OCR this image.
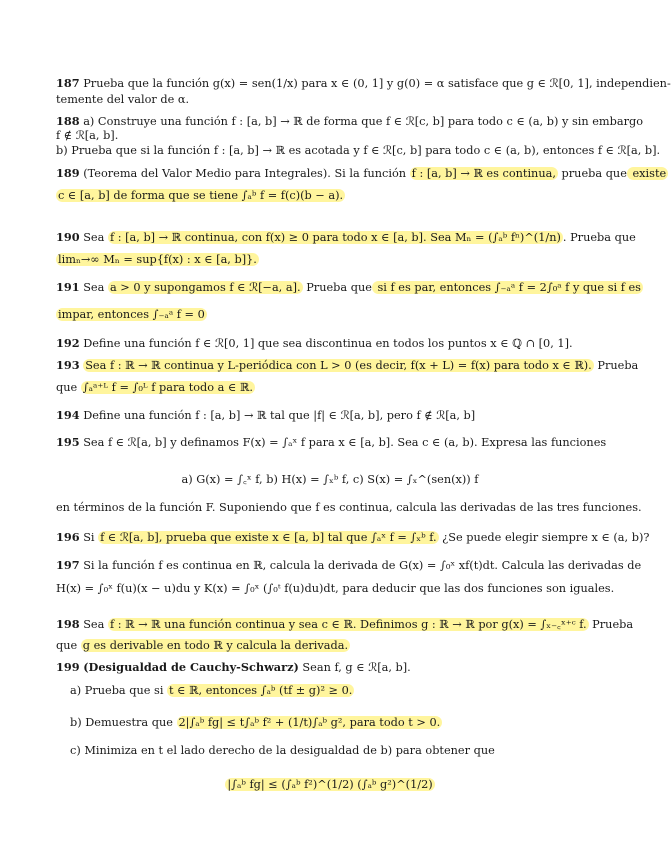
187 Prueba que la función g(x) = sen(1/x) para x ∈ (0, 1] y g(0) = α satisface que g ∈ ℛ[0, 1], independien-
temente del valor de α.
188 a) Construye una función f : [a, b] → ℝ de forma que f ∈ ℛ[c, b] para todo c ∈ (a, b) y sin embargo
f ∉ ℛ[a, b].
b) Prueba que si la función f : [a, b] → ℝ es acotada y f ∈ ℛ[c, b] para todo c ∈ (a, b), entonces f ∈ ℛ[a, b].
189 (Teorema del Valor Medio para Integrales). Si la función f : [a, b] → ℝ es continua, prueba que existe
c ∈ [a, b] de forma que se tiene ∫ₐᵇ f = f(c)(b − a).
190 Sea f : [a, b] → ℝ continua, con f(x) ≥ 0 para todo x ∈ [a, b]. Sea Mₙ = (∫ₐᵇ fⁿ)^(1/n) . Prueba que
limₙ→∞ Mₙ = sup{f(x) : x ∈ [a, b]}.
191 Sea a > 0 y supongamos f ∈ ℛ[−a, a]. Prueba que si f es par, entonces ∫₋ₐᵃ f = 2∫₀ᵃ f y que si f es
impar, entonces ∫₋ₐᵃ f = 0
192 Define una función f ∈ ℛ[0, 1] que sea discontinua en todos los puntos x ∈ ℚ ∩ [0, 1].
193 Sea f : ℝ → ℝ continua y L-periódica con L > 0 (es decir, f(x + L) = f(x) para todo x ∈ ℝ). Prueba
que ∫ₐᵃ⁺ᴸ f = ∫₀ᴸ f para todo a ∈ ℝ.
194 Define una función f : [a, b] → ℝ tal que |f| ∈ ℛ[a, b], pero f ∉ ℛ[a, b]
195 Sea f ∈ ℛ[a, b] y definamos F(x) = ∫ₐˣ f para x ∈ [a, b]. Sea c ∈ (a, b). Expresa las funciones
a) G(x) = ∫꜀ˣ f, b) H(x) = ∫ₓᵇ f, c) S(x) = ∫ₓ^(sen(x)) f
en términos de la función F. Suponiendo que f es continua, calcula las derivadas de las tres funciones.
196 Si f ∈ ℛ[a, b], prueba que existe x ∈ [a, b] tal que ∫ₐˣ f = ∫ₓᵇ f. ¿Se puede elegir siempre x ∈ (a, b)?
197 Si la función f es continua en ℝ, calcula la derivada de G(x) = ∫₀ˣ xf(t)dt. Calcula las derivadas de
H(x) = ∫₀ˣ f(u)(x − u)du y K(x) = ∫₀ˣ (∫₀ᵗ f(u)du)dt, para deducir que las dos funciones son iguales.
198 Sea f : ℝ → ℝ una función continua y sea c ∈ ℝ. Definimos g : ℝ → ℝ por g(x) = ∫ₓ₋꜀ˣ⁺ᶜ f. Prueba
que g es derivable en todo ℝ y calcula la derivada.
199 (Desigualdad de Cauchy-Schwarz) Sean f, g ∈ ℛ[a, b].
a) Prueba que si t ∈ ℝ, entonces ∫ₐᵇ (tf ± g)² ≥ 0.
b) Demuestra que 2|∫ₐᵇ fg| ≤ t∫ₐᵇ f² + (1/t)∫ₐᵇ g², para todo t > 0.
c) Minimiza en t el lado derecho de la desigualdad de b) para obtener que
|∫ₐᵇ fg| ≤ (∫ₐᵇ f²)^(1/2) (∫ₐᵇ g²)^(1/2)
